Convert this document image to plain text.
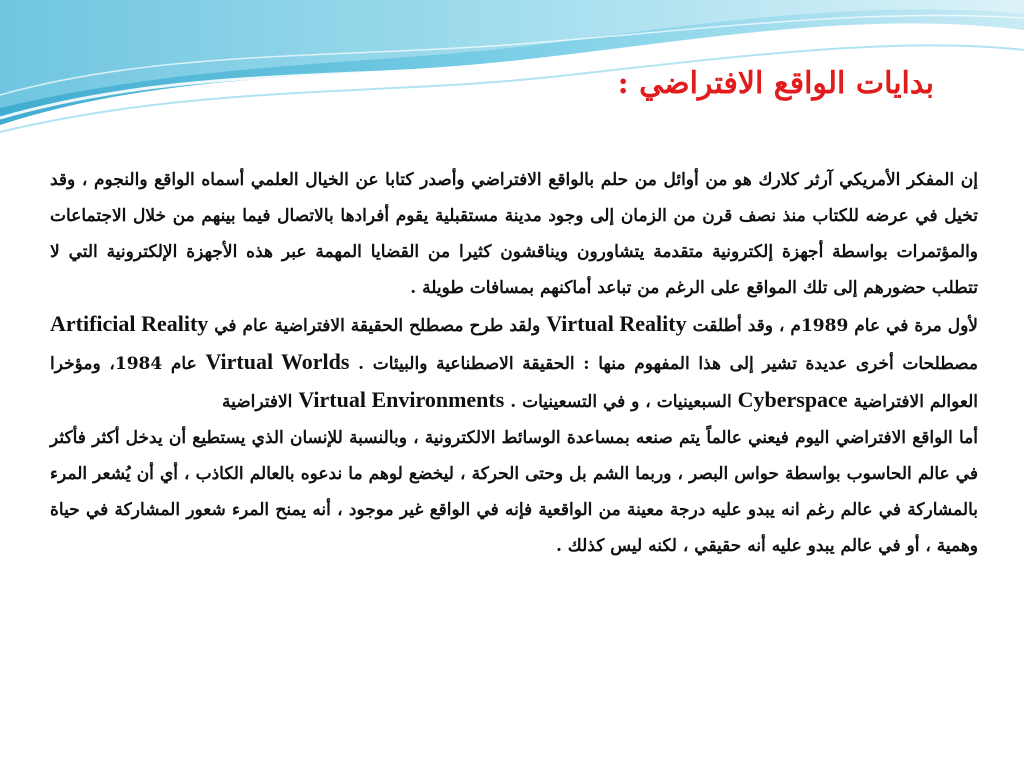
بدايات الواقع الافتراضي :

إن المفكر الأمريكي آرثر كلارك هو من أوائل من حلم بالواقع الافتراضي وأصدر كتابا عن الخيال العلمي أسماه الواقع والنجوم ، وقد تخيل في عرضه للكتاب منذ نصف قرن من الزمان إلى وجود مدينة مستقبلية يقوم أفرادها بالاتصال فيما بينهم من خلال الاجتماعات والمؤتمرات بواسطة أجهزة إلكترونية متقدمة يتشاورون ويناقشون كثيرا من القضايا المهمة عبر هذه الأجهزة الإلكترونية التي لا تتطلب حضورهم إلى تلك المواقع على الرغم من تباعد أماكنهم بمسافات طويلة .

لأول مرة في عام 1989م ، وقد أطلقت Virtual Reality ولقد طرح مصطلح الحقيقة الافتراضية عام في Artificial Reality مصطلحات أخرى عديدة تشير إلى هذا المفهوم منها : الحقيقة الاصطناعية والبيئات . Virtual Worlds عام 1984، ومؤخرا العوالم الافتراضية Cyberspace السبعينيات ، و في التسعينيات . Virtual Environments الافتراضية

أما الواقع الافتراضي اليوم فيعني عالماً يتم صنعه بمساعدة الوسائط الالكترونية ، وبالنسبة للإنسان الذي يستطيع أن يدخل أكثر فأكثر في عالم الحاسوب بواسطة حواس البصر ، وربما الشم بل وحتى الحركة ، ليخضع لوهم ما ندعوه بالعالم الكاذب ، أي أن يُشعر المرء بالمشاركة في عالم رغم انه يبدو عليه درجة معينة من الواقعية فإنه في الواقع غير موجود ، أنه يمنح المرء شعور المشاركة في حياة وهمية ، أو في عالم يبدو عليه أنه حقيقي ، لكنه ليس كذلك .
